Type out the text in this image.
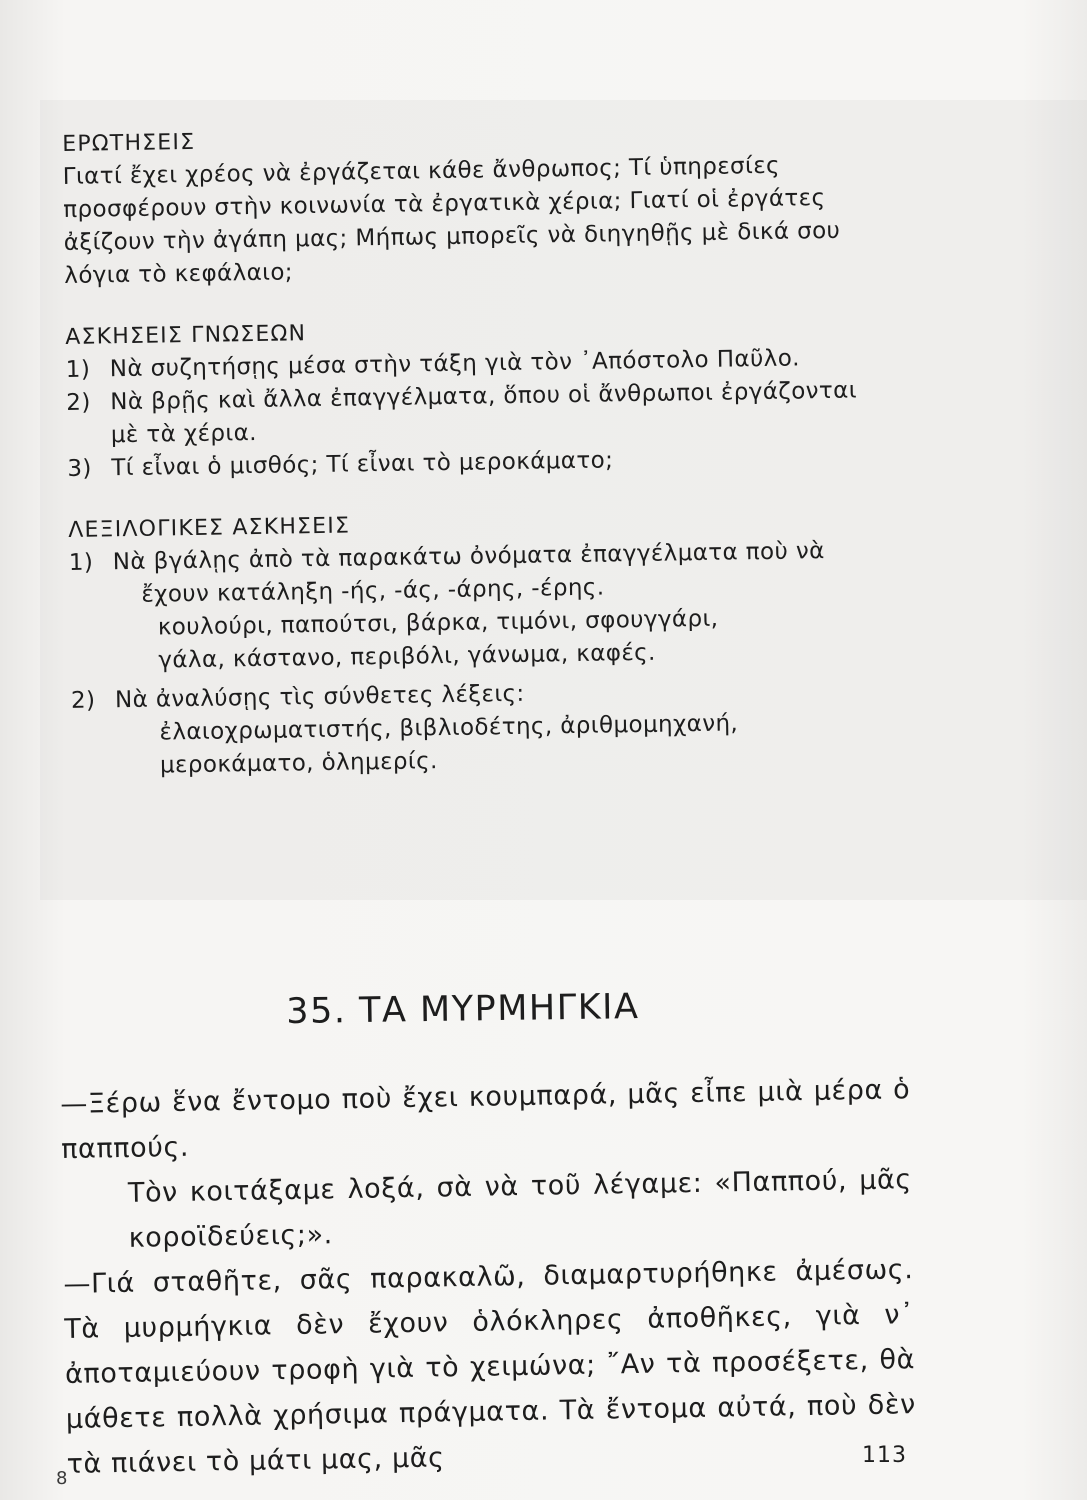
ΕΡΩΤΗΣΕΙΣ
Γιατί ἔχει χρέος νὰ ἐργάζεται κάθε ἄνθρωπος; Τί ὑπηρεσίες
προσφέρουν στὴν κοινωνία τὰ ἐργατικὰ χέρια; Γιατί οἱ ἐργάτες
ἀξίζουν τὴν ἀγάπη μας; Μήπως μπορεῖς νὰ διηγηθῇς μὲ δικά σου
λόγια τὸ κεφάλαιο;
ΑΣΚΗΣΕΙΣ ΓΝΩΣΕΩΝ
1) Νὰ συζητήσῃς μέσα στὴν τάξη γιὰ τὸν ᾿Απόστολο Παῦλο.
2) Νὰ βρῇς καὶ ἄλλα ἐπαγγέλματα, ὅπου οἱ ἄνθρωποι ἐργάζονται
μὲ τὰ χέρια.
3) Τί εἶναι ὁ μισθός; Τί εἶναι τὸ μεροκάματο;
ΛΕΞΙΛΟΓΙΚΕΣ ΑΣΚΗΣΕΙΣ
1) Νὰ βγάλῃς ἀπὸ τὰ παρακάτω ὀνόματα ἐπαγγέλματα ποὺ νὰ
ἔχουν κατάληξη -ής, -άς, -άρης, -έρης.
κουλούρι, παπούτσι, βάρκα, τιμόνι, σφουγγάρι,
γάλα, κάστανο, περιβόλι, γάνωμα, καφές.
2) Νὰ ἀναλύσῃς τὶς σύνθετες λέξεις:
ἐλαιοχρωματιστής, βιβλιοδέτης, ἀριθμομηχανή,
μεροκάματο, ὁλημερίς.
35. ΤΑ ΜΥΡΜΗΓΚΙΑ

—Ξέρω ἕνα ἔντομο ποὺ ἔχει κουμπαρά, μᾶς εἶπε μιὰ μέρα ὁ παππούς.

Τὸν κοιτάξαμε λοξά, σὰ νὰ τοῦ λέγαμε: «Παππού, μᾶς κοροϊδεύεις;».

—Γιά σταθῆτε, σᾶς παρακαλῶ, διαμαρτυρήθηκε ἀμέσως. Τὰ μυρμήγκια δὲν ἔχουν ὁλόκληρες ἀποθῆκες, γιὰ ν᾿ ἀποταμιεύουν τροφὴ γιὰ τὸ χειμώνα; ῎Αν τὰ προσέξετε, θὰ μάθετε πολλὰ χρήσιμα πράγματα. Τὰ ἔντομα αὐτά, ποὺ δὲν τὰ πιάνει τὸ μάτι μας, μᾶς	113
8
